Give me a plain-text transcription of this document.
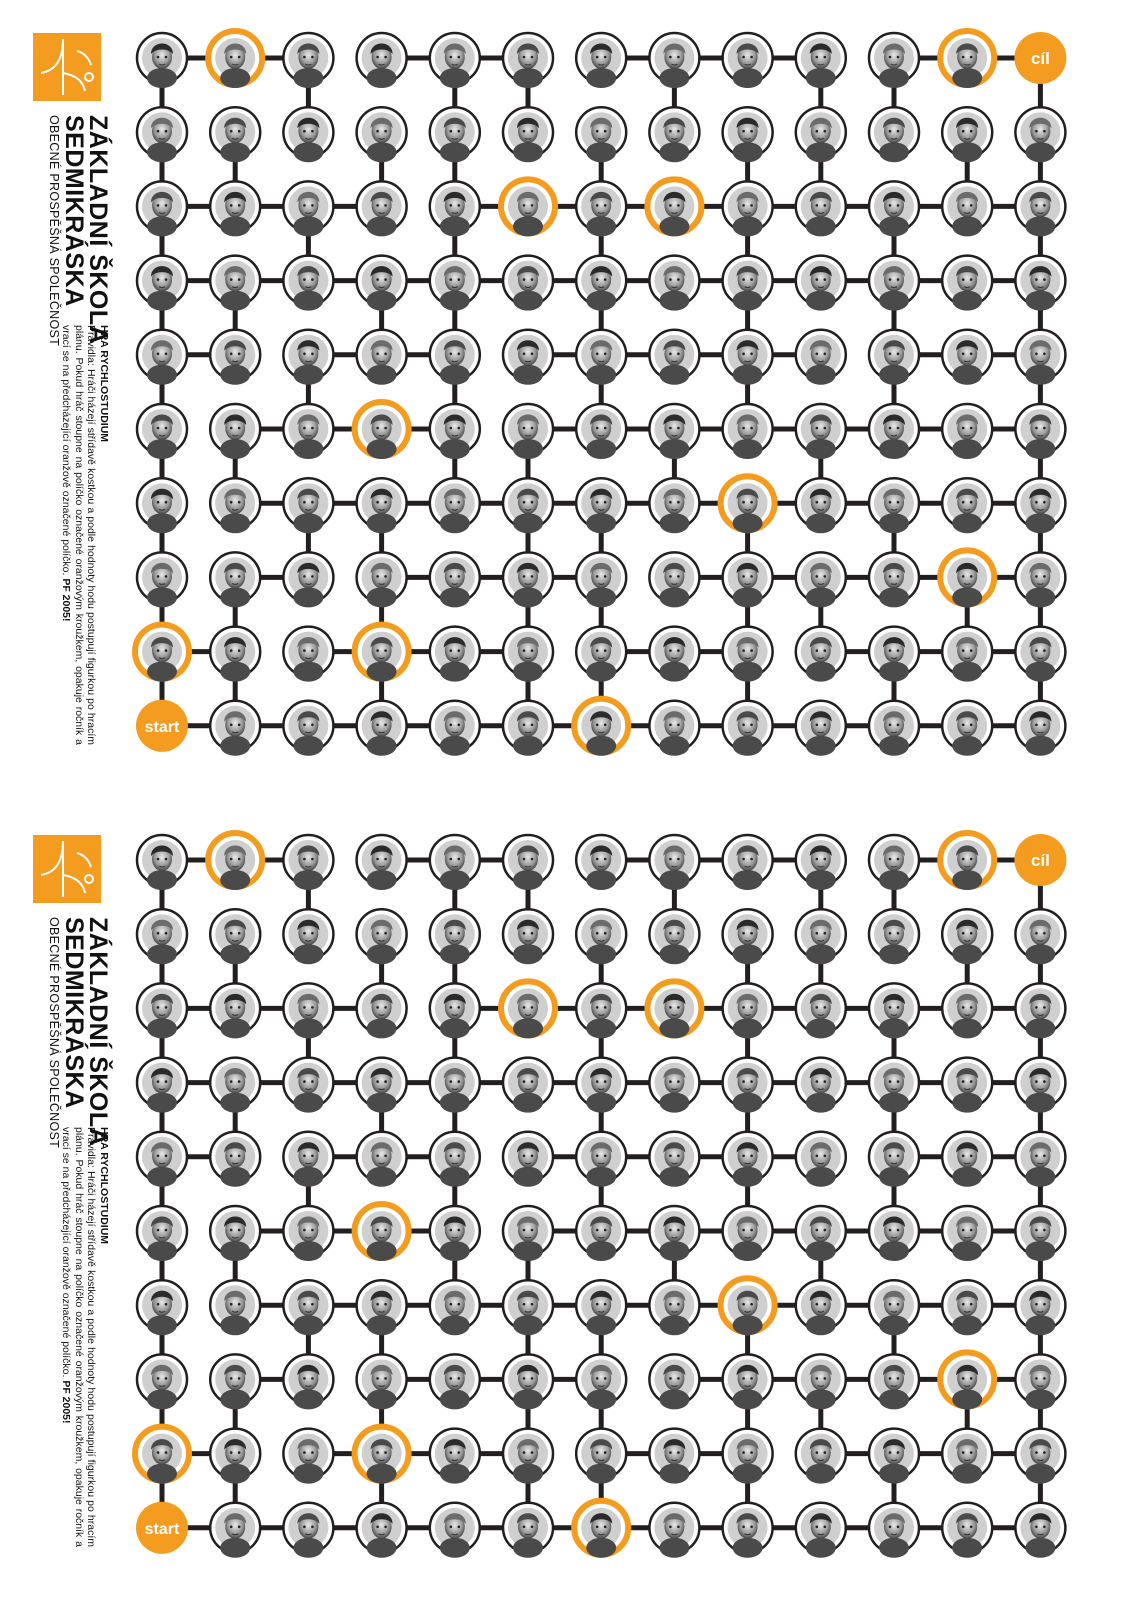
cíl
start
ZÁKLADNÍ ŠKOLA
SEDMIKRÁSKA
OBECNÉ PROSPĚŠNÁ SPOLEČNOST
HRA RYCHLOSTUDIUM
Pravidla: Hráči házejí střídavě kostkou a podle hodnoty hodu postupují figurkou po hracím plánu. Pokud hráč stoupne na políčko označené oranžovým kroužkem, opakuje ročník a vrací se na předcházející oranžově označené políčko. PF 2005!
cíl
start
ZÁKLADNÍ ŠKOLA
SEDMIKRÁSKA
OBECNÉ PROSPĚŠNÁ SPOLEČNOST
HRA RYCHLOSTUDIUM
Pravidla: Hráči házejí střídavě kostkou a podle hodnoty hodu postupují figurkou po hracím plánu. Pokud hráč stoupne na políčko označené oranžovým kroužkem, opakuje ročník a vrací se na předcházející oranžově označené políčko. PF 2005!
